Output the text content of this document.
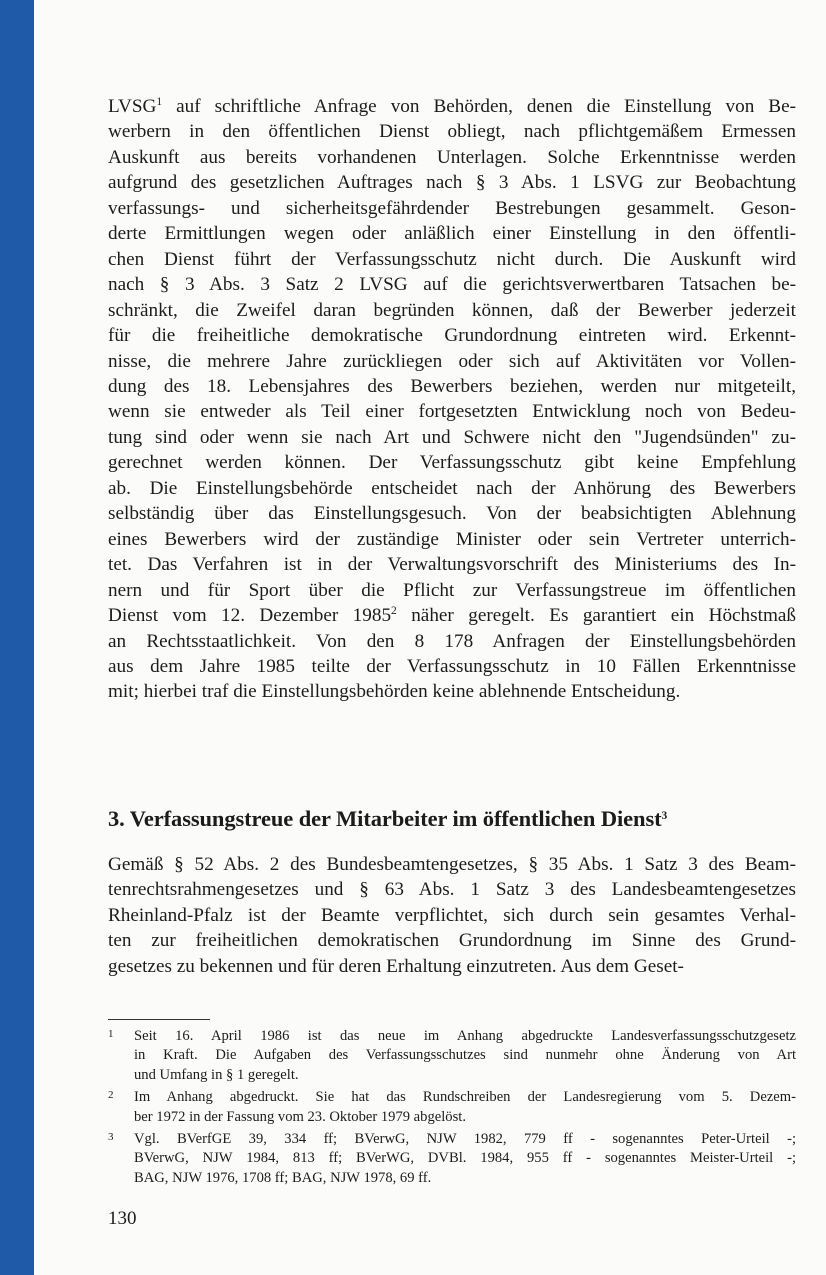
LVSG$^1$ auf schriftliche Anfrage von Behörden, denen die Einstellung von Be-
werbern in den öffentlichen Dienst obliegt, nach pflichtgemäßem Ermessen
Auskunft aus bereits vorhandenen Unterlagen. Solche Erkenntnisse werden
aufgrund des gesetzlichen Auftrages nach § 3 Abs. 1 LSVG zur Beobachtung
verfassungs- und sicherheitsgefährdender Bestrebungen gesammelt. Geson-
derte Ermittlungen wegen oder anläßlich einer Einstellung in den öffentli-
chen Dienst führt der Verfassungsschutz nicht durch. Die Auskunft wird
nach § 3 Abs. 3 Satz 2 LVSG auf die gerichtsverwertbaren Tatsachen be-
schränkt, die Zweifel daran begründen können, daß der Bewerber jederzeit
für die freiheitliche demokratische Grundordnung eintreten wird. Erkennt-
nisse, die mehrere Jahre zurückliegen oder sich auf Aktivitäten vor Vollen-
dung des 18. Lebensjahres des Bewerbers beziehen, werden nur mitgeteilt,
wenn sie entweder als Teil einer fortgesetzten Entwicklung noch von Bedeu-
tung sind oder wenn sie nach Art und Schwere nicht den "Jugendsünden" zu-
gerechnet werden können. Der Verfassungsschutz gibt keine Empfehlung
ab. Die Einstellungsbehörde entscheidet nach der Anhörung des Bewerbers
selbständig über das Einstellungsgesuch. Von der beabsichtigten Ablehnung
eines Bewerbers wird der zuständige Minister oder sein Vertreter unterrich-
tet. Das Verfahren ist in der Verwaltungsvorschrift des Ministeriums des In-
nern und für Sport über die Pflicht zur Verfassungstreue im öffentlichen
Dienst vom 12. Dezember 1985$^2$ näher geregelt. Es garantiert ein Höchstmaß
an Rechtsstaatlichkeit. Von den 8 178 Anfragen der Einstellungsbehörden
aus dem Jahre 1985 teilte der Verfassungsschutz in 10 Fällen Erkenntnisse
mit; hierbei traf die Einstellungsbehörden keine ablehnende Entscheidung.
3. Verfassungstreue der Mitarbeiter im öffentlichen Dienst$^3$
Gemäß § 52 Abs. 2 des Bundesbeamtengesetzes, § 35 Abs. 1 Satz 3 des Beam-
tenrechtsrahmengesetzes und § 63 Abs. 1 Satz 3 des Landesbeamtengesetzes
Rheinland-Pfalz ist der Beamte verpflichtet, sich durch sein gesamtes Verhal-
ten zur freiheitlichen demokratischen Grundordnung im Sinne des Grund-
gesetzes zu bekennen und für deren Erhaltung einzutreten. Aus dem Geset-
1 Seit 16. April 1986 ist das neue im Anhang abgedruckte Landesverfassungsschutzgesetz
in Kraft. Die Aufgaben des Verfassungsschutzes sind nunmehr ohne Änderung von Art
und Umfang in § 1 geregelt.
2 Im Anhang abgedruckt. Sie hat das Rundschreiben der Landesregierung vom 5. Dezem-
ber 1972 in der Fassung vom 23. Oktober 1979 abgelöst.
3 Vgl. BVerfGE 39, 334 ff; BVerwG, NJW 1982, 779 ff - sogenanntes Peter-Urteil -;
BVerwG, NJW 1984, 813 ff; BVerWG, DVBl. 1984, 955 ff - sogenanntes Meister-Urteil -;
BAG, NJW 1976, 1708 ff; BAG, NJW 1978, 69 ff.
130
